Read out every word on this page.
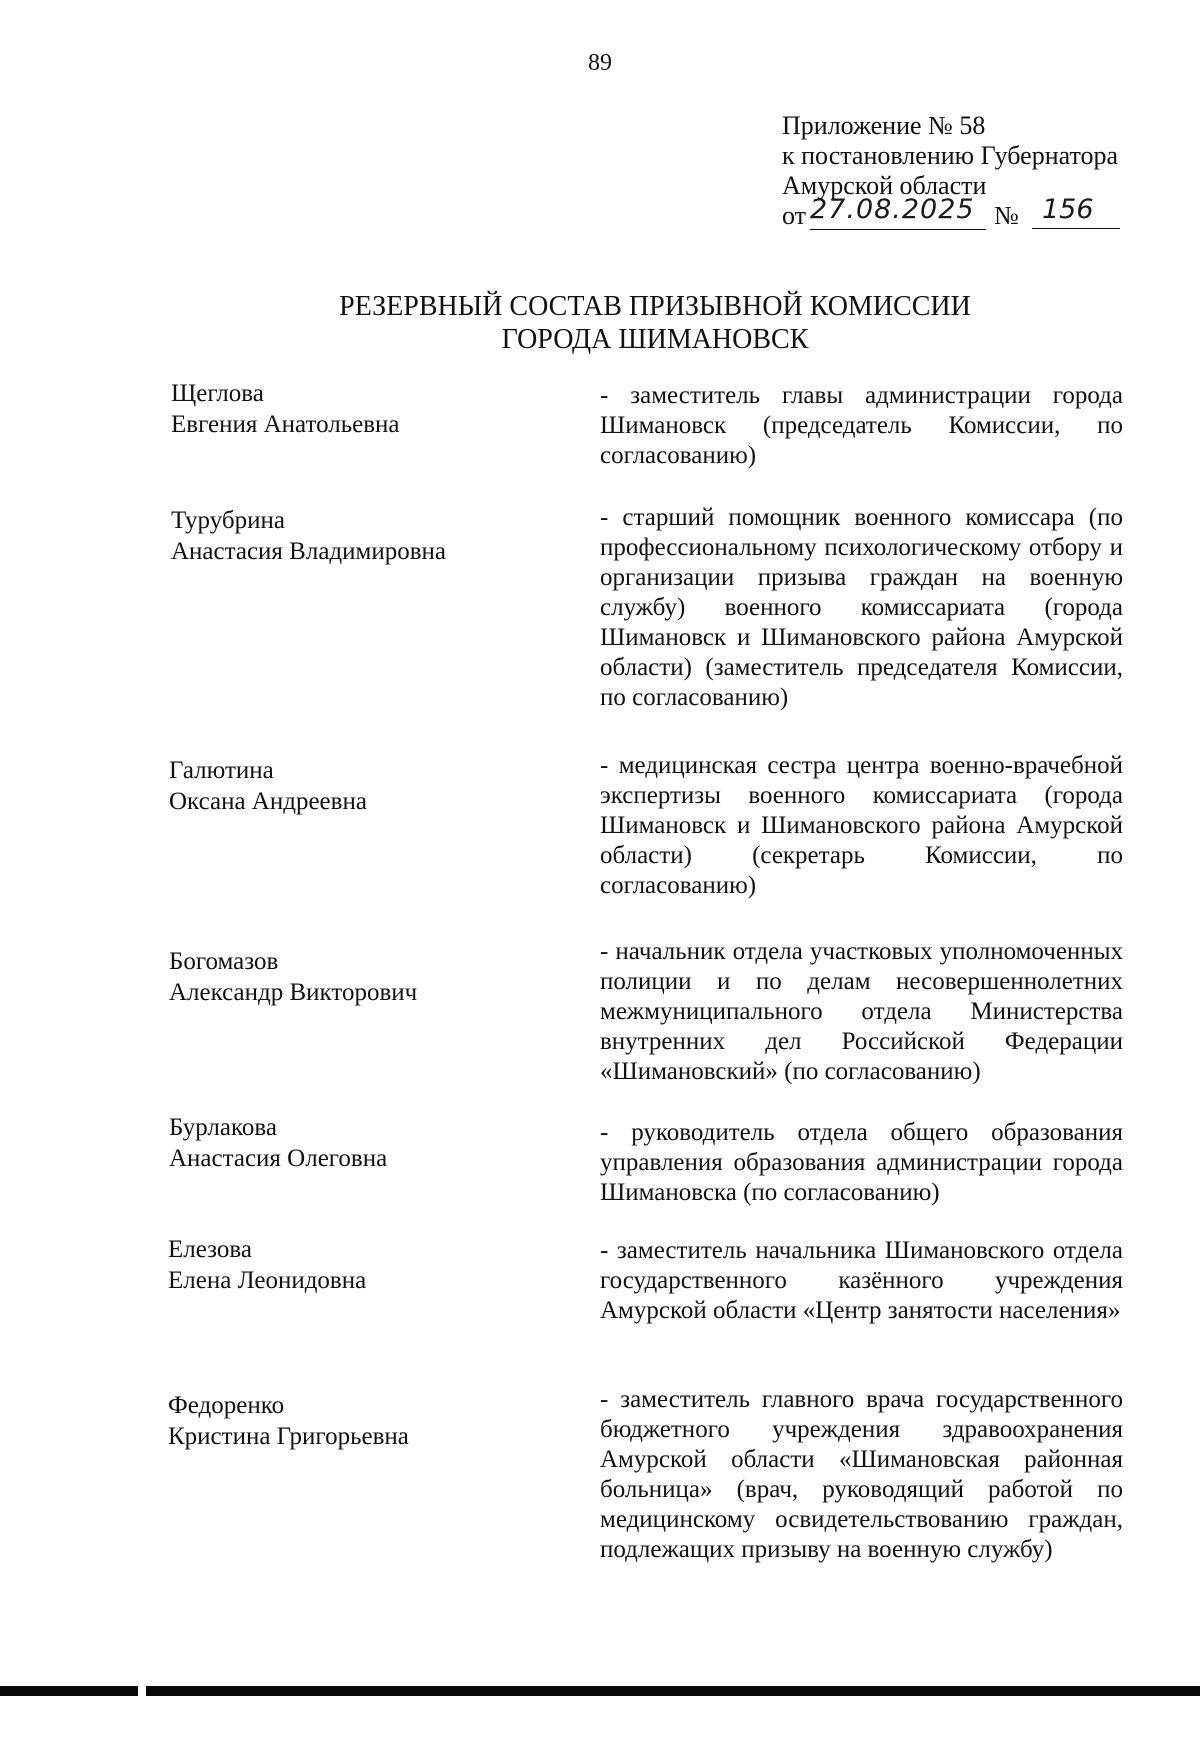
89
Приложение № 58
к постановлению Губернатора
Амурской области
от 27.08.2025 № 156
РЕЗЕРВНЫЙ СОСТАВ ПРИЗЫВНОЙ КОМИССИИ
ГОРОДА ШИМАНОВСК
Щеглова
Евгения Анатольевна
- заместитель главы администрации города Шимановск (председатель Комиссии, по согласованию)
Турубрина
Анастасия Владимировна
- старший помощник военного комиссара (по профессиональному психологическому отбору и организации призыва граждан на военную службу) военного комиссариата (города Шимановск и Шимановского района Амурской области) (заместитель председателя Комиссии, по согласованию)
Галютина
Оксана Андреевна
- медицинская сестра центра военно-врачебной экспертизы военного комиссариата (города Шимановск и Шимановского района Амурской области) (секретарь Комиссии, по согласованию)
Богомазов
Александр Викторович
- начальник отдела участковых уполномоченных полиции и по делам несовершеннолетних межмуниципального отдела Министерства внутренних дел Российской Федерации «Шимановский» (по согласованию)
Бурлакова
Анастасия Олеговна
- руководитель отдела общего образования управления образования администрации города Шимановска (по согласованию)
Елезова
Елена Леонидовна
- заместитель начальника Шимановского отдела государственного казённого учреждения Амурской области «Центр занятости населения»
Федоренко
Кристина Григорьевна
- заместитель главного врача государственного бюджетного учреждения здравоохранения Амурской области «Шимановская районная больница» (врач, руководящий работой по медицинскому освидетельствованию граждан, подлежащих призыву на военную службу)
